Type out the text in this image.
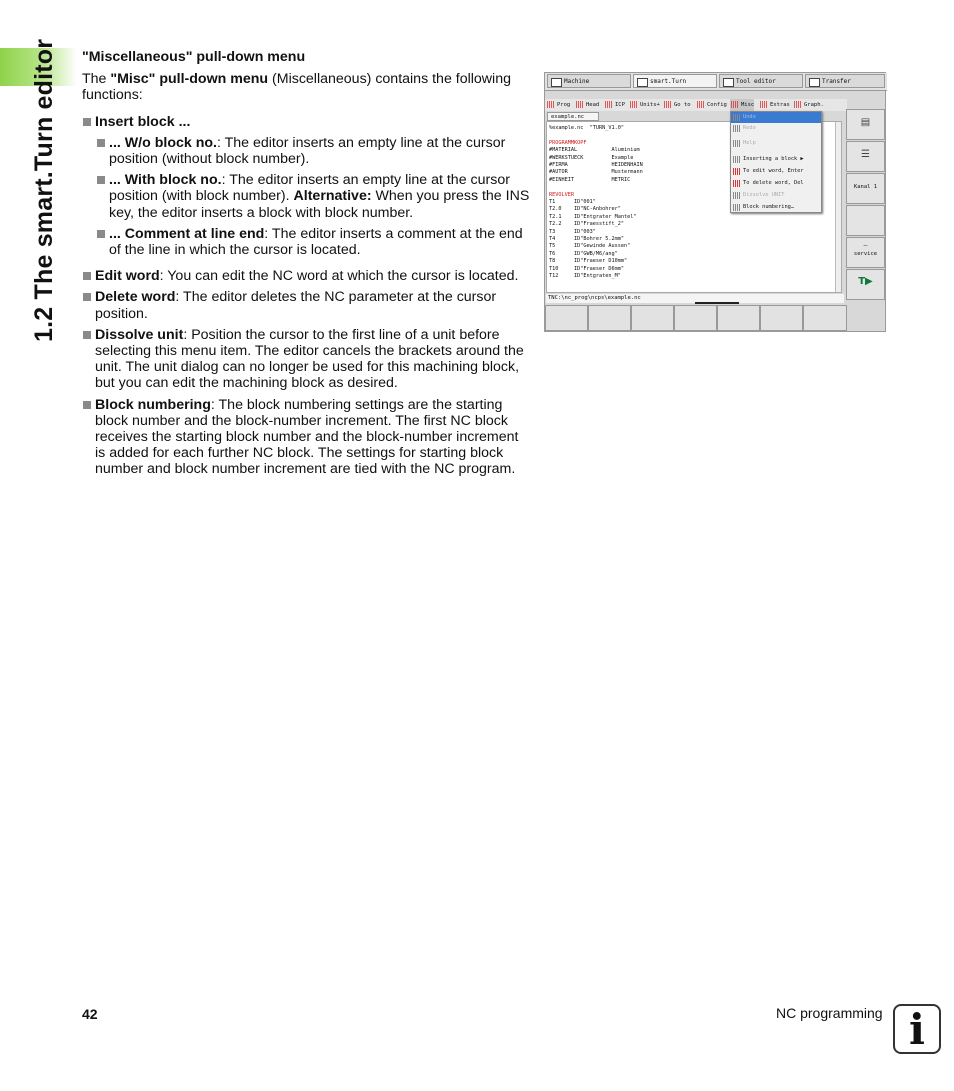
1.2 The smart.Turn editor "Miscellaneous" pull-down menu

The "Misc" pull-down menu (Miscellaneous) contains the following functions:

Insert block ...
... W/o block no.: The editor inserts an empty line at the cursor position (without block number).
... With block no.: The editor inserts an empty line at the cursor position (with block number). Alternative: When you press the INS key, the editor inserts a block with block number.
... Comment at line end: The editor inserts a comment at the end of the line in which the cursor is located.
Edit word: You can edit the NC word at which the cursor is located.
Delete word: The editor deletes the NC parameter at the cursor position.
Dissolve unit: Position the cursor to the first line of a unit before selecting this menu item. The editor cancels the brackets around the unit. The unit dialog can no longer be used for this machining block, but you can edit the machining block as desired.
Block numbering: The block numbering settings are the starting block number and the block-number increment. The first NC block receives the starting block number and the block-number increment is added for each further NC block. The settings for starting block number and block number increment are tied with the NC program.
Machine	smart.Turn	Tool editor	Transfer
Prog	Head	ICP	Units+	Go to	Config	Misc	Extras	Graph.
example.nc
%example.nc  "TURN_V1.0"
PROGRAMMKOPF
#MATERIAL           Aluminium
#WERKSTUECK         Example
#FIRMA              HEIDENHAIN
#AUTOR              Mustermann
#EINHEIT            METRIC
REVOLVER
T1      ID"001"
T2.0    ID"NC-Anbohrer"
T2.1    ID"Entgrater Mantel"
T2.2    ID"Fraesstift_2"
T3      ID"003"
T4      ID"Bohrer 5.2mm"
T5      ID"Gewinde Aussen"
T6      ID"GWB/M6/ang"
T8      ID"Fraeser D10mm"
T10     ID"Fraeser D6mm"
T12     ID"Entgraten_M"
TNC:\nc_prog\ncps\example.nc
Undo
Redo
Help
Inserting a block ▶
To edit word, Enter
To delete word, Del
Dissolve UNIT
Block numbering…
▤
☰
Kanal 1
⎯
service
T▶
42	NC programming i
